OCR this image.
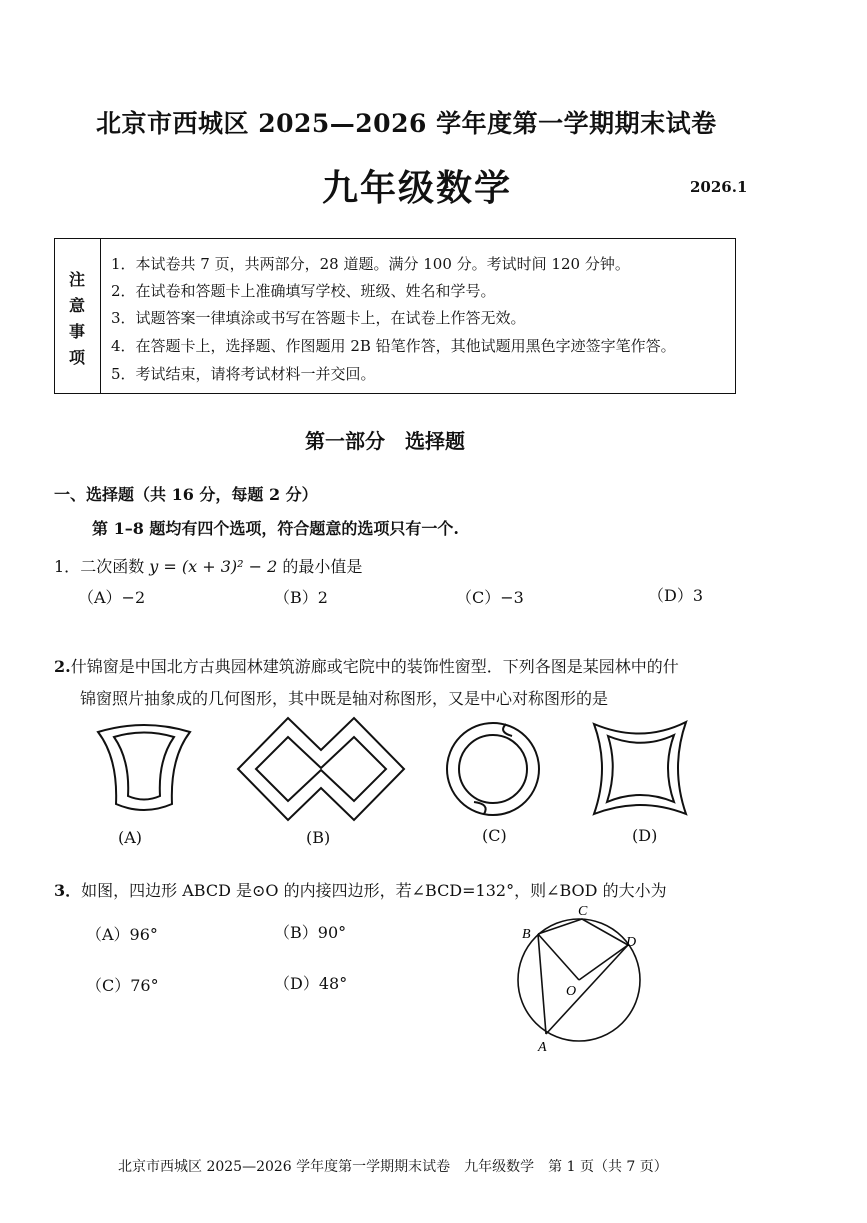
北京市西城区 2025—2026 学年度第一学期期末试卷
九年级数学	2026.1
注意事项
1．本试卷共 7 页，共两部分，28 道题。满分 100 分。考试时间 120 分钟。
2．在试卷和答题卡上准确填写学校、班级、姓名和学号。
3．试题答案一律填涂或书写在答题卡上，在试卷上作答无效。
4．在答题卡上，选择题、作图题用 2B 铅笔作答，其他试题用黑色字迹签字笔作答。
5．考试结束，请将考试材料一并交回。
第一部分　选择题
一、选择题（共 16 分，每题 2 分）
第 1–8 题均有四个选项，符合题意的选项只有一个.
1．二次函数 y = (x + 3)² − 2 的最小值是
（A）−2	（B）2	（C）−3	（D）3
2.什锦窗是中国北方古典园林建筑游廊或宅院中的装饰性窗型．下列各图是某园林中的什
锦窗照片抽象成的几何图形，其中既是轴对称图形，又是中心对称图形的是
(A)	(B)	(C)	(D)
3．如图，四边形 ABCD 是⊙O 的内接四边形，若∠BCD=132°，则∠BOD 的大小为
（A）96°	（B）90°
（C）76°	（D）48°
B
C
D
O
A
北京市西城区 2025—2026 学年度第一学期期末试卷　九年级数学　第 1 页（共 7 页）
